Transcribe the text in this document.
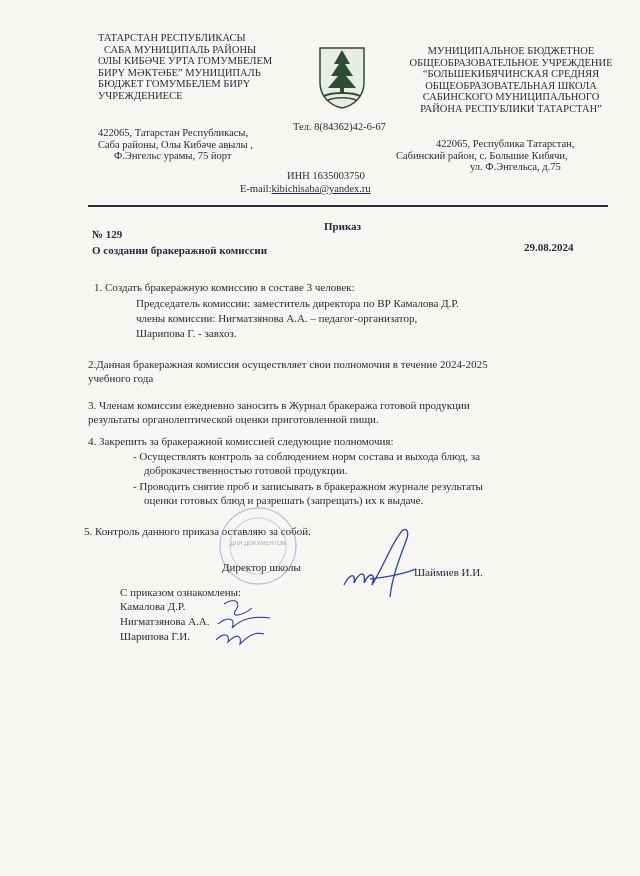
ТАТАРСТАН РЕСПУБЛИКАСЫ
САБА МУНИЦИПАЛЬ РАЙОНЫ
ОЛЫ КИБӘЧЕ УРТА ГОМУМБЕЛЕМ
БИРҮ МӘКТӘБЕ” МУНИЦИПАЛЬ
БЮДЖЕТ ГОМУМБЕЛЕМ БИРҮ
УЧРЕЖДЕНИЕСЕ
422065, Татарстан Республикасы,
Саба районы, Олы Кибәче авылы ,
Ф.Энгельс урамы, 75 йорт
Тел. 8(84362)42-6-67
МУНИЦИПАЛЬНОЕ БЮДЖЕТНОЕ
ОБЩЕОБРАЗОВАТЕЛЬНОЕ УЧРЕЖДЕНИЕ
“БОЛЬШЕКИБЯЧИНСКАЯ СРЕДНЯЯ
ОБЩЕОБРАЗОВАТЕЛЬНАЯ ШКОЛА
САБИНСКОГО МУНИЦИПАЛЬНОГО
РАЙОНА РЕСПУБЛИКИ ТАТАРСТАН”
422065, Республика Татарстан,
Сабинский район, с. Большие Кибячи,
ул. Ф.Энгельса, д.75
ИНН 1635003750
E-mail:kibichisaba@yandex.ru
Приказ
№ 129
О создании бракеражной комиссии	29.08.2024
1. Создать бракеражную комиссию в составе 3 человек:
Председатель комиссии: заместитель директора по ВР Камалова Д.Р.
члены комиссии: Нигматзянова А.А. – педагог-организатор,
Шарипова Г. - завхоз.
2.Данная бракеражная комиссия осуществляет свои полномочия в течение 2024-2025
учебного года
3. Членам комиссии ежедневно заносить в Журнал бракеража готовой продукции
результаты органолептической оценки приготовленной пищи.
4. Закрепить за бракеражной комиссией следующие полномочия:
- Осуществлять контроль за соблюдением норм состава и выхода блюд, за
доброкачественностью готовой продукции.
- Проводить снятие проб и записывать в бракеражном журнале результаты
оценки готовых блюд и разрешать (запрещать) их к выдаче.
5. Контроль данного приказа оставляю за собой.
ДЛЯ ДОКУМЕНТОВ
Директор школы	Шаймиев И.И.
С приказом ознакомлены:
Камалова Д.Р.
Нигматзянова А.А.
Шарипова Г.И.
